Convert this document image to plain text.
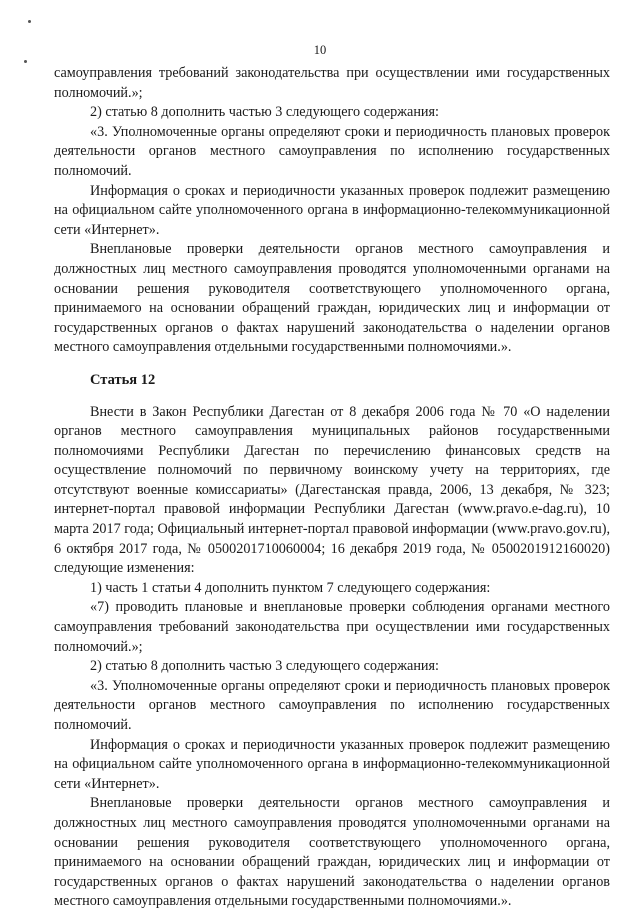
10

самоуправления требований законодательства при осуществлении ими государственных полномочий.»;

2) статью 8 дополнить частью 3 следующего содержания:

«3. Уполномоченные органы определяют сроки и периодичность плановых проверок деятельности органов местного самоуправления по исполнению государственных полномочий.

Информация о сроках и периодичности указанных проверок подлежит размещению на официальном сайте уполномоченного органа в информационно-телекоммуникационной сети «Интернет».

Внеплановые проверки деятельности органов местного самоуправления и должностных лиц местного самоуправления проводятся уполномоченными органами на основании решения руководителя соответствующего уполномоченного органа, принимаемого на основании обращений граждан, юридических лиц и информации от государственных органов о фактах нарушений законодательства о наделении органов местного самоуправления отдельными государственными полномочиями.».

Статья 12

Внести в Закон Республики Дагестан от 8 декабря 2006 года № 70 «О наделении органов местного самоуправления муниципальных районов государственными полномочиями Республики Дагестан по перечислению финансовых средств на осуществление полномочий по первичному воинскому учету на территориях, где отсутствуют военные комиссариаты» (Дагестанская правда, 2006, 13 декабря, № 323; интернет-портал правовой информации Республики Дагестан (www.pravo.e-dag.ru), 10 марта 2017 года; Официальный интернет-портал правовой информации (www.pravo.gov.ru), 6 октября 2017 года, № 0500201710060004; 16 декабря 2019 года, № 0500201912160020) следующие изменения:

1) часть 1 статьи 4 дополнить пунктом 7 следующего содержания:

«7) проводить плановые и внеплановые проверки соблюдения органами местного самоуправления требований законодательства при осуществлении ими государственных полномочий.»;

2) статью 8 дополнить частью 3 следующего содержания:

«3. Уполномоченные органы определяют сроки и периодичность плановых проверок деятельности органов местного самоуправления по исполнению государственных полномочий.

Информация о сроках и периодичности указанных проверок подлежит размещению на официальном сайте уполномоченного органа в информационно-телекоммуникационной сети «Интернет».

Внеплановые проверки деятельности органов местного самоуправления и должностных лиц местного самоуправления проводятся уполномоченными органами на основании решения руководителя соответствующего уполномоченного органа, принимаемого на основании обращений граждан, юридических лиц и информации от государственных органов о фактах нарушений законодательства о наделении органов местного самоуправления отдельными государственными полномочиями.».
